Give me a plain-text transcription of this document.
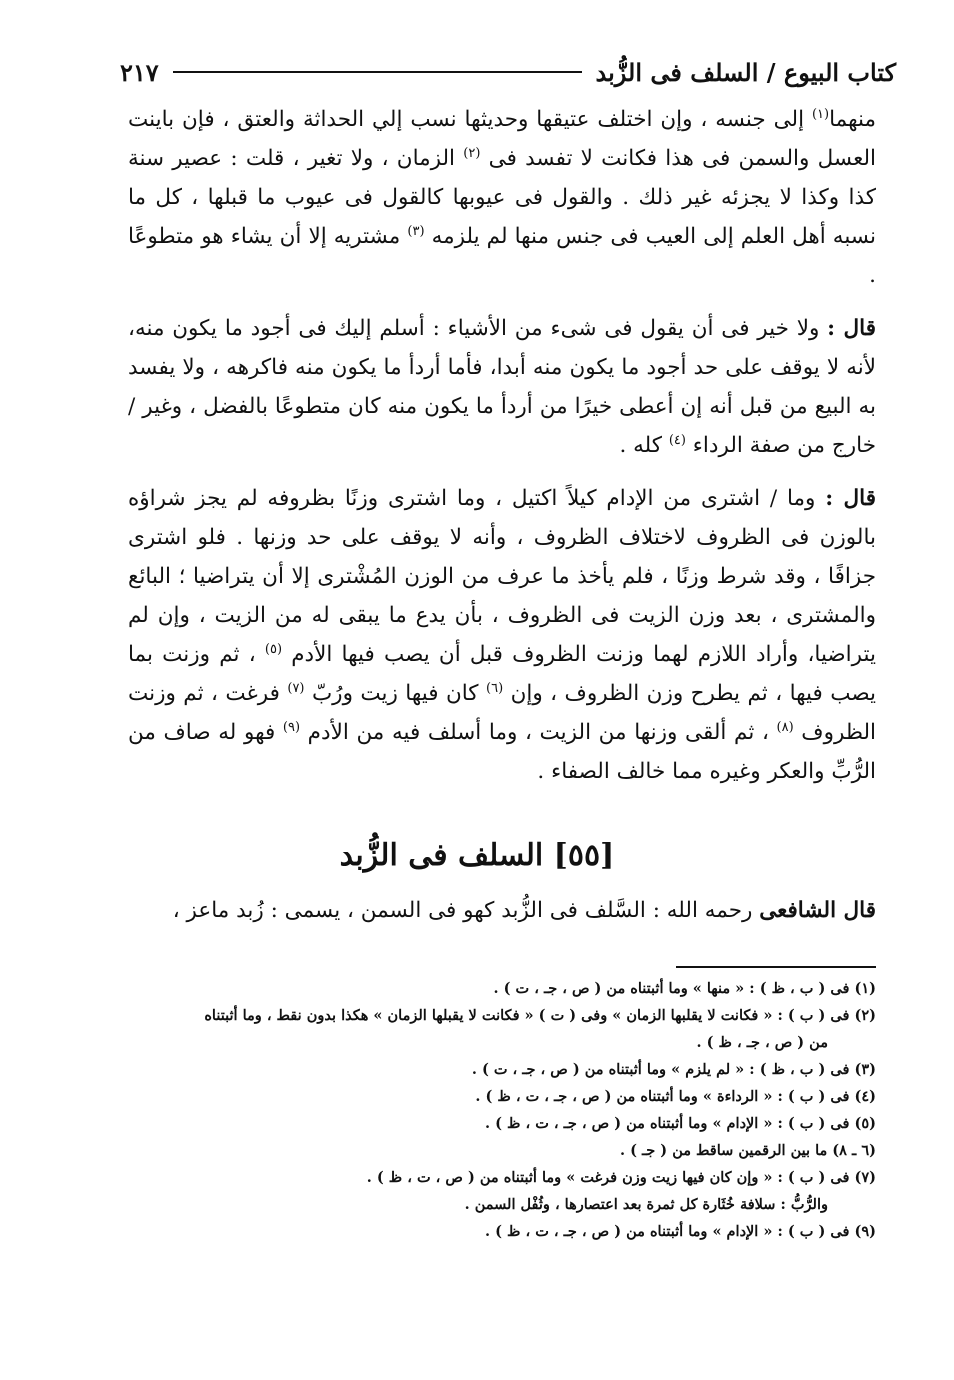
كتاب البيوع / السلف فى الزُّبد
٢١٧

منهما$^{(١)}$ إلى جنسه ، وإن اختلف عتيقها وحديثها نسب إلي الحداثة والعتق ، فإن باينت العسل والسمن فى هذا فكانت لا تفسد فى $^{(٢)}$ الزمان ، ولا تغير ، قلت : عصير سنة كذا وكذا لا يجزئه غير ذلك . والقول فى عيوبها كالقول فى عيوب ما قبلها ، كل ما نسبه أهل العلم إلى العيب فى جنس منها لم يلزمه $^{(٣)}$ مشتريه إلا أن يشاء هو متطوعًا .

قال : ولا خير فى أن يقول فى شىء من الأشياء : أسلم إليك فى أجود ما يكون منه، لأنه لا يوقف على حد أجود ما يكون منه أبدا، فأما أردأ ما يكون منه فاكرهه ، ولا يفسد به البيع من قبل أنه إن أعطى خيرًا من أردأ ما يكون منه كان متطوعًا بالفضل ، وغير / خارج من صفة الرداء $^{(٤)}$ كله .

قال : وما / اشترى من الإدام كيلاً اكتيل ، وما اشترى وزنًا بظروفه لم يجز شراؤه بالوزن فى الظروف لاختلاف الظروف ، وأنه لا يوقف على حد وزنها . فلو اشترى جزافًا ، وقد شرط وزنًا ، فلم يأخذ ما عرف من الوزن المُشْترى إلا أن يتراضيا ؛ البائع والمشترى ، بعد وزن الزيت فى الظروف ، بأن يدع ما يبقى له من الزيت ، وإن لم يتراضيا، وأراد اللازم لهما وزنت الظروف قبل أن يصب فيها الأدم $^{(٥)}$ ، ثم وزنت بما يصب فيها ، ثم يطرح وزن الظروف ، وإن $^{(٦)}$ كان فيها زيت ورُبّ $^{(٧)}$ فرغت ، ثم وزنت الظروف $^{(٨)}$ ، ثم ألقى وزنها من الزيت ، وما أسلف فيه من الأدم $^{(٩)}$ فهو له صاف من الرُّبِّ والعكر وغيره مما خالف الصفاء .

[٥٥] السلف فى الزُّبد

قال الشافعى رحمه الله : السَّلف فى الزُّبد كهو فى السمن ، يسمى : زُبد ماعز ،

(١) فى ( ب ، ظ ) : « منها » وما أثبتناه من ( ص ، جـ ، ت ) .

(٢) فى ( ب ) : « فكانت لا يقلبها الزمان » وفى ( ت ) « فكانت لا يقبلها الزمان » هكذا بدون نقط ، وما أثبتناه

من ( ص ، جـ ، ظ ) .

(٣) فى ( ب ، ظ ) : « لم يلزم » وما أثبتناه من ( ص ، جـ ، ت ) .

(٤) فى ( ب ) : « الرداءة » وما أثبتناه من ( ص ، جـ ، ت ، ظ ) .

(٥) فى ( ب ) : « الإدام » وما أثبتناه من ( ص ، جـ ، ت ، ظ ) .

(٦ ـ ٨) ما بين الرقمين ساقط من ( جـ ) .

(٧) فى ( ب ) : « وإن كان فيها زيت وزن فرغت » وما أثبتناه من ( ص ، ت ، ظ ) .

والرُّبُّ : سلافة خُثَارة كل ثمرة بعد اعتصارها ، وثُفْل السمن .

(٩) فى ( ب ) : « الإدام » وما أثبتناه من ( ص ، جـ ، ت ، ظ ) .
